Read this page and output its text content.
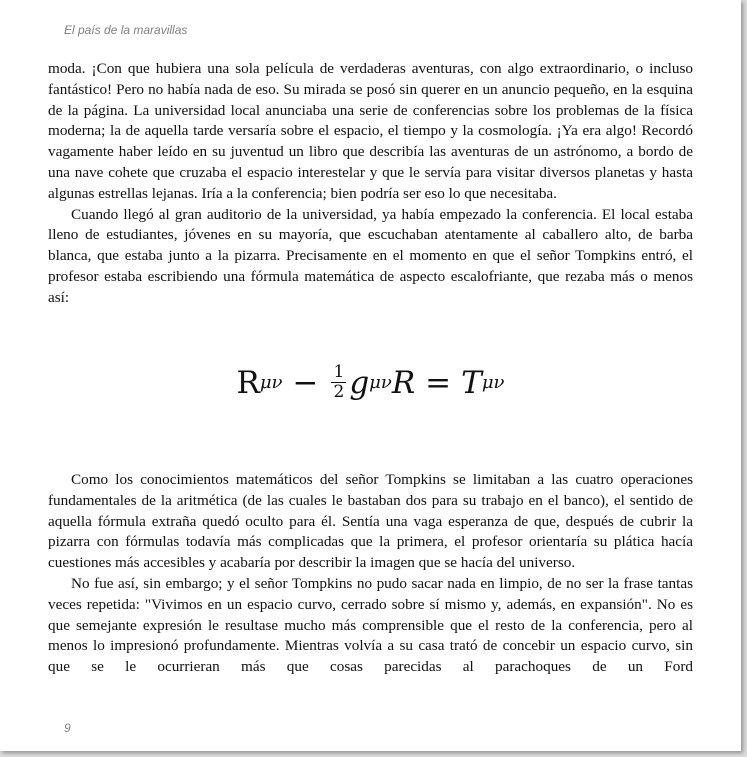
El país de la maravillas

moda. ¡Con que hubiera una sola película de verdaderas aventuras, con algo extraordinario, o incluso fantástico! Pero no había nada de eso. Su mirada se posó sin querer en un anuncio pequeño, en la esquina de la página. La universidad local anunciaba una serie de conferencias sobre los problemas de la física moderna; la de aquella tarde versaría sobre el espacio, el tiempo y la cosmología. ¡Ya era algo! Recordó vagamente haber leído en su juventud un libro que describía las aventuras de un astrónomo, a bordo de una nave cohete que cruzaba el espacio interestelar y que le servía para visitar diversos planetas y hasta algunas estrellas lejanas. Iría a la conferencia; bien podría ser eso lo que necesitaba.

Cuando llegó al gran auditorio de la universidad, ya había empezado la conferencia. El local estaba lleno de estudiantes, jóvenes en su mayoría, que escuchaban atentamente al caballero alto, de barba blanca, que estaba junto a la pizarra. Precisamente en el momento en que el señor Tompkins entró, el profesor estaba escribiendo una fórmula matemática de aspecto escalofriante, que rezaba más o menos así:

R $\mu\nu - \frac{1}{2}$ g μν R = T μν

Como los conocimientos matemáticos del señor Tompkins se limitaban a las cuatro operaciones fundamentales de la aritmética (de las cuales le bastaban dos para su trabajo en el banco), el sentido de aquella fórmula extraña quedó oculto para él. Sentía una vaga esperanza de que, después de cubrir la pizarra con fórmulas todavía más complicadas que la primera, el profesor orientaría su plática hacía cuestiones más accesibles y acabaría por describir la imagen que se hacía del universo.

No fue así, sin embargo; y el señor Tompkins no pudo sacar nada en limpio, de no ser la frase tantas veces repetida: "Vivimos en un espacio curvo, cerrado sobre sí mismo y, además, en expansión". No es que semejante expresión le resultase mucho más comprensible que el resto de la conferencia, pero al menos lo impresionó profundamente. Mientras volvía a su casa trató de concebir un espacio curvo, sin que se le ocurrieran más que cosas parecidas al parachoques de un Ford

9
